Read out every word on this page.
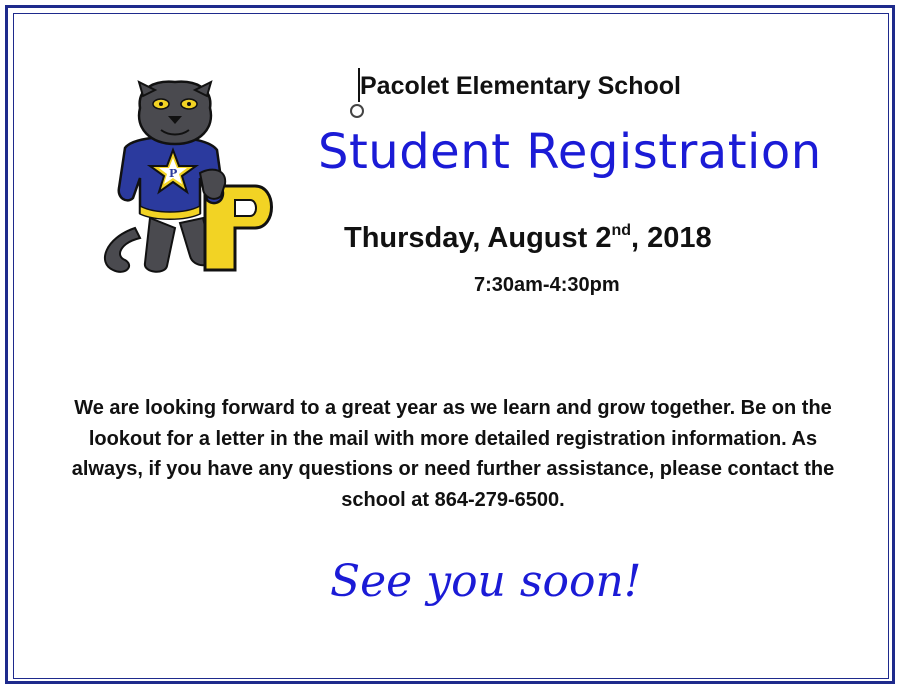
P
Pacolet Elementary School
Student Registration
Thursday, August 2nd, 2018
7:30am-4:30pm
We are looking forward to a great year as we learn and grow together. Be on the lookout for a letter in the mail with more detailed registration information. As always, if you have any questions or need further assistance, please contact the school at 864-279-6500.
See you soon!
